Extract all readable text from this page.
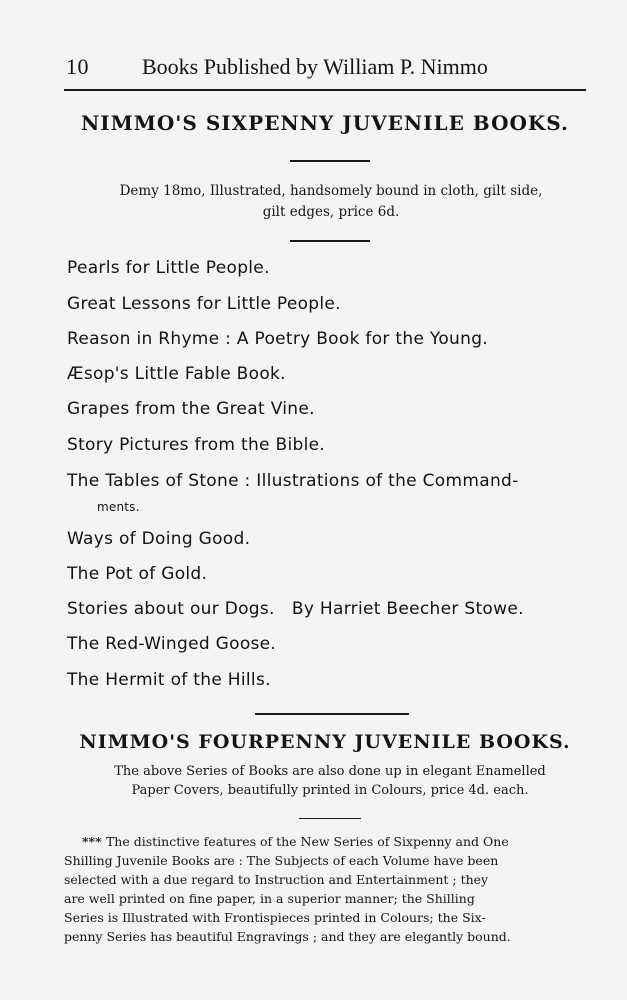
10 Books Published by William P. Nimmo
NIMMO'S SIXPENNY JUVENILE BOOKS.
Demy 18mo, Illustrated, handsomely bound in cloth, gilt side,
gilt edges, price 6d.
Pearls for Little People.
Great Lessons for Little People.
Reason in Rhyme : A Poetry Book for the Young.
Æsop's Little Fable Book.
Grapes from the Great Vine.
Story Pictures from the Bible.
The Tables of Stone : Illustrations of the Command-
ments.
Ways of Doing Good.
The Pot of Gold.
Stories about our Dogs.   By Harriet Beecher Stowe.
The Red-Winged Goose.
The Hermit of the Hills.
NIMMO'S FOURPENNY JUVENILE BOOKS.
The above Series of Books are also done up in elegant Enamelled
Paper Covers, beautifully printed in Colours, price 4d. each.
*** The distinctive features of the New Series of Sixpenny and One
Shilling Juvenile Books are : The Subjects of each Volume have been
selected with a due regard to Instruction and Entertainment ; they
are well printed on fine paper, in a superior manner; the Shilling
Series is Illustrated with Frontispieces printed in Colours; the Six-
penny Series has beautiful Engravings ; and they are elegantly bound.
